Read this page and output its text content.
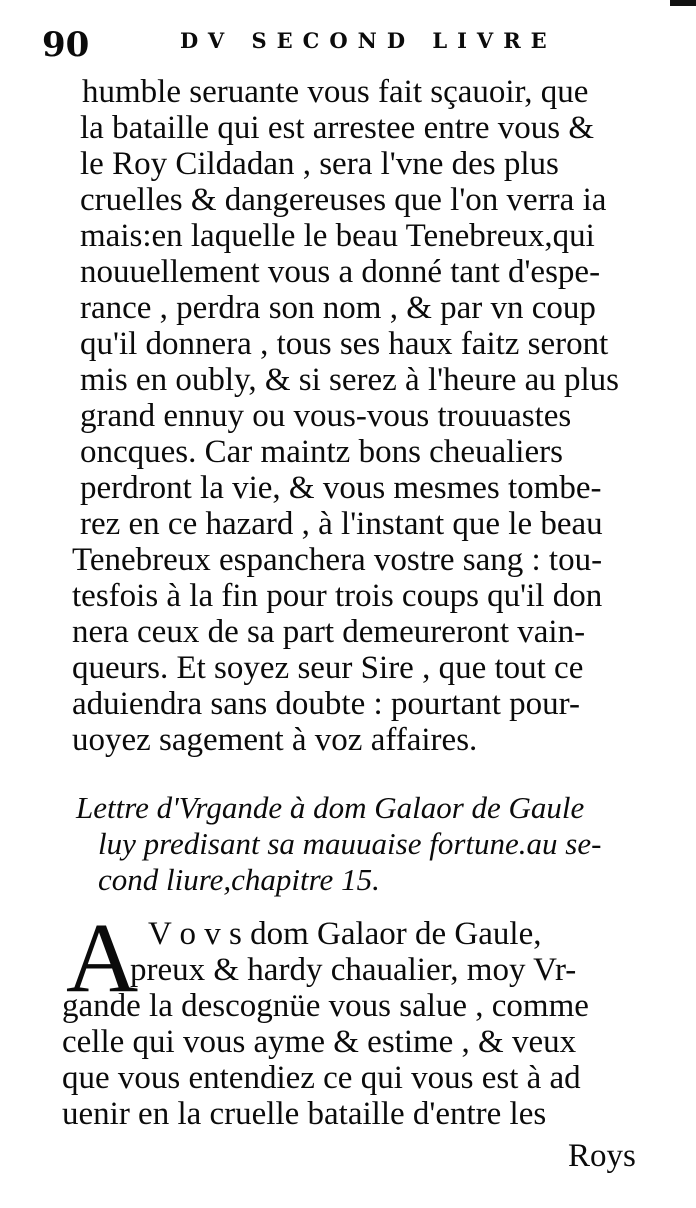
90	DV SECOND LIVRE
humble seruante vous fait sçauoir, que
la bataille qui est arrestee entre vous &
le Roy Cildadan , sera l'vne des plus
cruelles & dangereuses que l'on verra ia
mais:en laquelle le beau Tenebreux,qui
nouuellement vous a donné tant d'espe-
rance , perdra son nom , & par vn coup
qu'il donnera , tous ses haux faitz seront
mis en oubly, & si serez à l'heure au plus
grand ennuy ou vous-vous trouuastes
oncques. Car maintz bons cheualiers
perdront la vie, & vous mesmes tombe-
rez en ce hazard , à l'instant que le beau
Tenebreux espanchera vostre sang : tou-
tesfois à la fin pour trois coups qu'il don
nera ceux de sa part demeureront vain-
queurs. Et soyez seur Sire , que tout ce
aduiendra sans doubte : pourtant pour-
uoyez sagement à voz affaires.
Lettre d'Vrgande à dom Galaor de Gaule
luy predisant sa mauuaise fortune.au se-
cond liure,chapitre 15.
A V o v s dom Galaor de Gaule,
preux & hardy chaualier, moy Vr-
gande la descognüe vous salue , comme
celle qui vous ayme & estime , & veux
que vous entendiez ce qui vous est à ad
uenir en la cruelle bataille d'entre les
Roys
